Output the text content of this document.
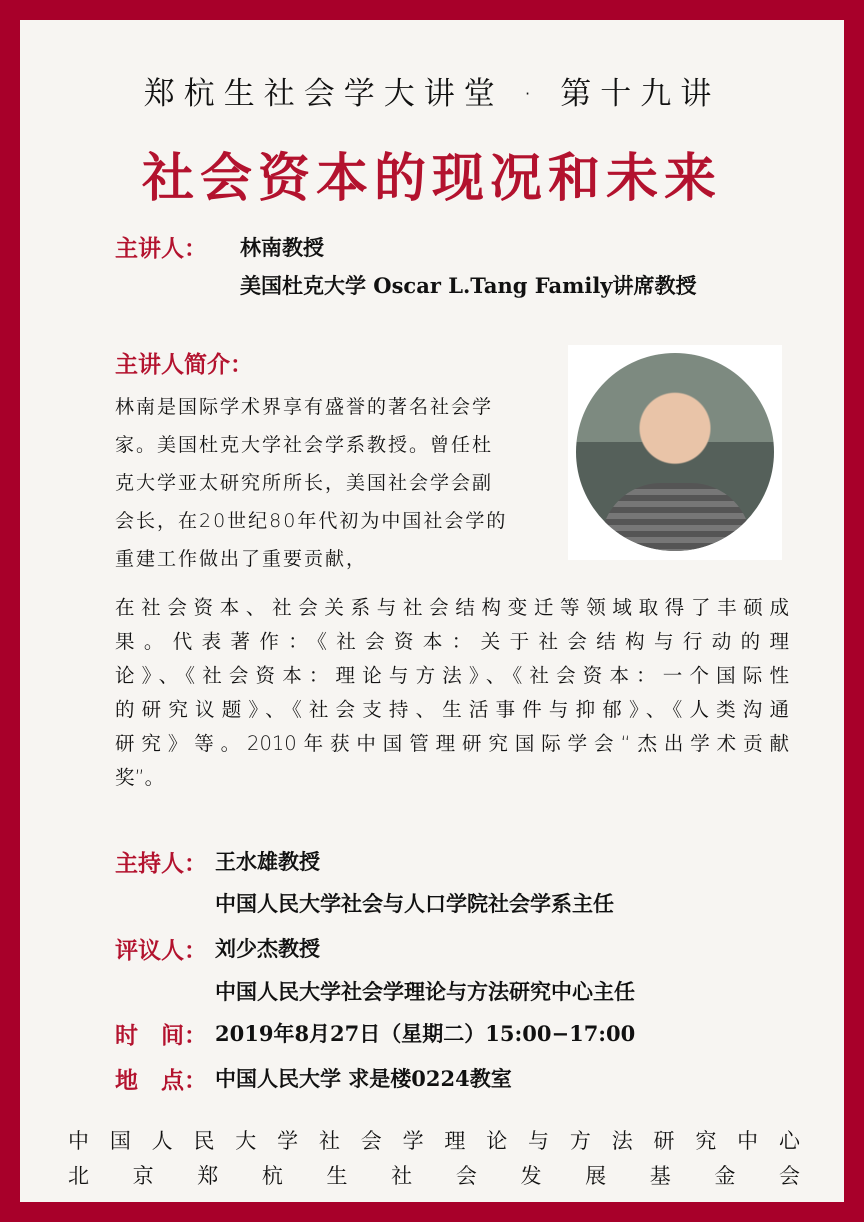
郑杭生社会学大讲堂 · 第十九讲
社会资本的现况和未来
主讲人： 林南教授
美国杜克大学 Oscar L.Tang Family讲席教授
主讲人简介：
林南是国际学术界享有盛誉的著名社会学
家。美国杜克大学社会学系教授。曾任杜
克大学亚太研究所所长，美国社会学会副
会长，在20世纪80年代初为中国社会学的
重建工作做出了重要贡献，
在社会资本、社会关系与社会结构变迁等领域取得了丰硕成
果。代表著作：《社会资本：关于社会结构与行动的理
论》、《社会资本：理论与方法》、《社会资本：一个国际性
的研究议题》、《社会支持、生活事件与抑郁》、《人类沟通
研究》等。2010年获中国管理研究国际学会“杰出学术贡献
奖”。
主持人： 王水雄教授
中国人民大学社会与人口学院社会学系主任
评议人： 刘少杰教授
中国人民大学社会学理论与方法研究中心主任
时　间： 2019年8月27日（星期二）15:00−17:00
地　点： 中国人民大学 求是楼0224教室
中国人民大学社会学理论与方法研究中心
北京郑杭生社会发展基金会
